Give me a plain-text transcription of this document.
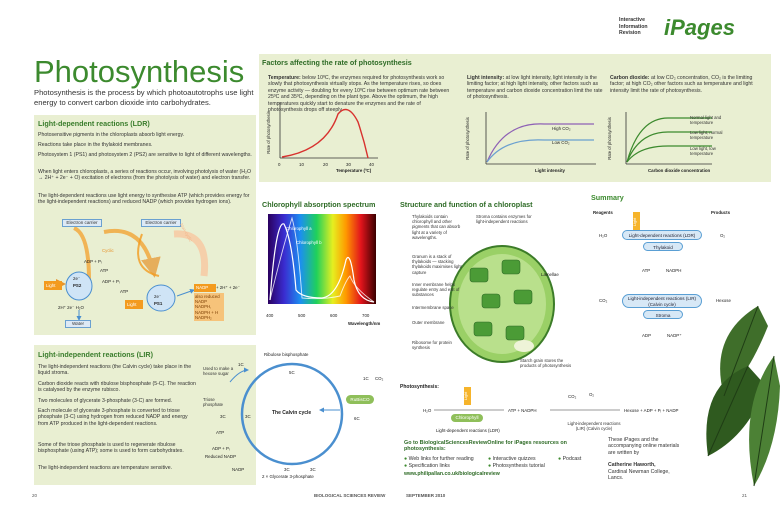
Interactive
Information
Revision iPages
Photosynthesis
Photosynthesis is the process by which photoautotrophs use light energy to convert carbon dioxide into carbohydrates.
Light-dependent reactions (LDR)
Photosensitive pigments in the chloroplasts absorb light energy.
Reactions take place in the thylakoid membranes.
Photosystem 1 (PS1) and photosystem 2 (PS2) are sensitive to light of different wavelengths.
When light enters chloroplasts, a series of reactions occur, involving photolysis of water (H₂O → 2H⁺ + 2e⁻ + O) excitation of electrons (from the photolysis of water) and electron transfer.
The light-dependent reactions use light energy to synthesise ATP (which provides energy for the light-independent reactions) and reduced NADP (which provides hydrogen ions).
Electron carrier	Electron carrier
Cyclic
Non-cyclic
ADP + Pᵢ
ATP
ADP + Pᵢ
ATP
PS2
PS1
2e⁻
2e⁻
Light
Light
2H⁺ 2e⁻ H₂O
Water
NADP	+ 2H⁺ + 2e⁻
also reduced NADP NADPH, NADPH + H NADPH₂
Light-independent reactions (LIR)
The light-independent reactions (the Calvin cycle) take place in the liquid stroma.
Carbon dioxide reacts with ribulose bisphosphate (5-C). The reaction is catalysed by the enzyme rubisco.
Two molecules of glycerate 3-phosphate (3-C) are formed.
Each molecule of glycerate 3-phosphate is converted to triose phosphate (3-C) using hydrogen from reduced NADP and energy from ATP produced in the light-dependent reactions.
Some of the triose phosphate is used to regenerate ribulose bisphosphate (using ATP); some is used to form carbohydrates.
The light-independent reactions are temperature sensitive.
Ribulose bisphosphate
5C
Used to make a hexose sugar
1C
Triose phosphate
3C	3C
ATP
ADP + Pᵢ
Reduced NADP
NADP
The Calvin cycle
RuBisCO
1C CO₂
6C
3C	3C
2 × Glycerate 3-phosphate
Factors affecting the rate of photosynthesis
Temperature: below 10ºC, the enzymes required for photosynthesis work so slowly that photosynthesis virtually stops. As the temperature rises, so does enzyme activity — doubling for every 10ºC rise between optimum rate between 25ºC and 35ºC, depending on the plant type. Above the optimum, the high temperatures quickly start to denature the enzymes and the rate of photosynthesis drops off steeply.
Rate of photosynthesis
0	10	20	30	40
Temperature (ºC)
Light intensity: at low light intensity, light intensity is the limiting factor; at high light intensity, other factors such as temperature and carbon dioxide concentration limit the rate of photosynthesis.
Rate of photosynthesis	High CO₂
Low CO₂
Light intensity
Carbon dioxide: at low CO₂ concentration, CO₂ is the limiting factor; at high CO₂ other factors such as temperature and light intensity limit the rate of photosynthesis.
Rate of photosynthesis	Normal light and temperature
Low light, normal temperature
Low light, low temperature
Carbon dioxide concentration
Chlorophyll absorption spectrum
Chlorophyll a
Chlorophyll b
400	500	600	700
Wavelength/nm
Structure and function of a chloroplast
Thylakoids contain chlorophyll and other pigments that can absorb light at a variety of wavelengths.
Stroma contains enzymes for light-independent reactions
Granum is a stack of thylakoids — stacking thylakoids maximises light capture	Lamellae
Inner membrane helps regulate entry and exit of substances
Intermembrane space
Outer membrane
Ribosome for protein synthesis
Starch grain stores the products of photosynthesis
Summary
Reagents	Products
Light
H₂O	Light-dependent reactions (LDR)	O₂
Thylakoid
ATP	NADPH
CO₂	Light-independent reactions (LIR) (Calvin cycle)
Hexose
Stroma
ADP	NADP⁺
Photosynthesis:
Light
H₂O
Chlorophyll
ATP + NADPH
CO₂	O₂
Hexose + ADP + Pᵢ + NADP
Light-dependent reactions (LDR)
Light-independent reactions (LIR) (Calvin cycle)
Go to BiologicalSciencesReviewOnline for iPages resources on photosynthesis:
● Web links for further reading	● Interactive quizzes	● Podcast
● Specification links	● Photosynthesis tutorial
www.philipallan.co.uk/biologicalreview
These iPages and the accompanying online materials are written by
Catherine Haworth,
Cardinal Newman College, Lancs.
20	BIOLOGICAL SCIENCES REVIEW	SEPTEMBER 2010	21
